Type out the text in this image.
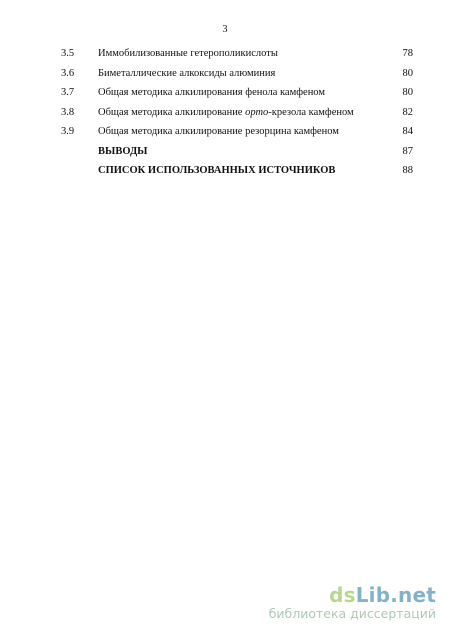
3
3.5 Иммобилизованные гетерополикислоты	78
3.6 Биметаллические алкоксиды алюминия	80
3.7 Общая методика алкилирования фенола камфеном	80
3.8 Общая методика алкилирование орто-крезола камфеном	82
3.9 Общая методика алкилирование резорцина камфеном	84
ВЫВОДЫ	87
СПИСОК ИСПОЛЬЗОВАННЫХ ИСТОЧНИКОВ	88
dsLib.net
библиотека диссертаций
